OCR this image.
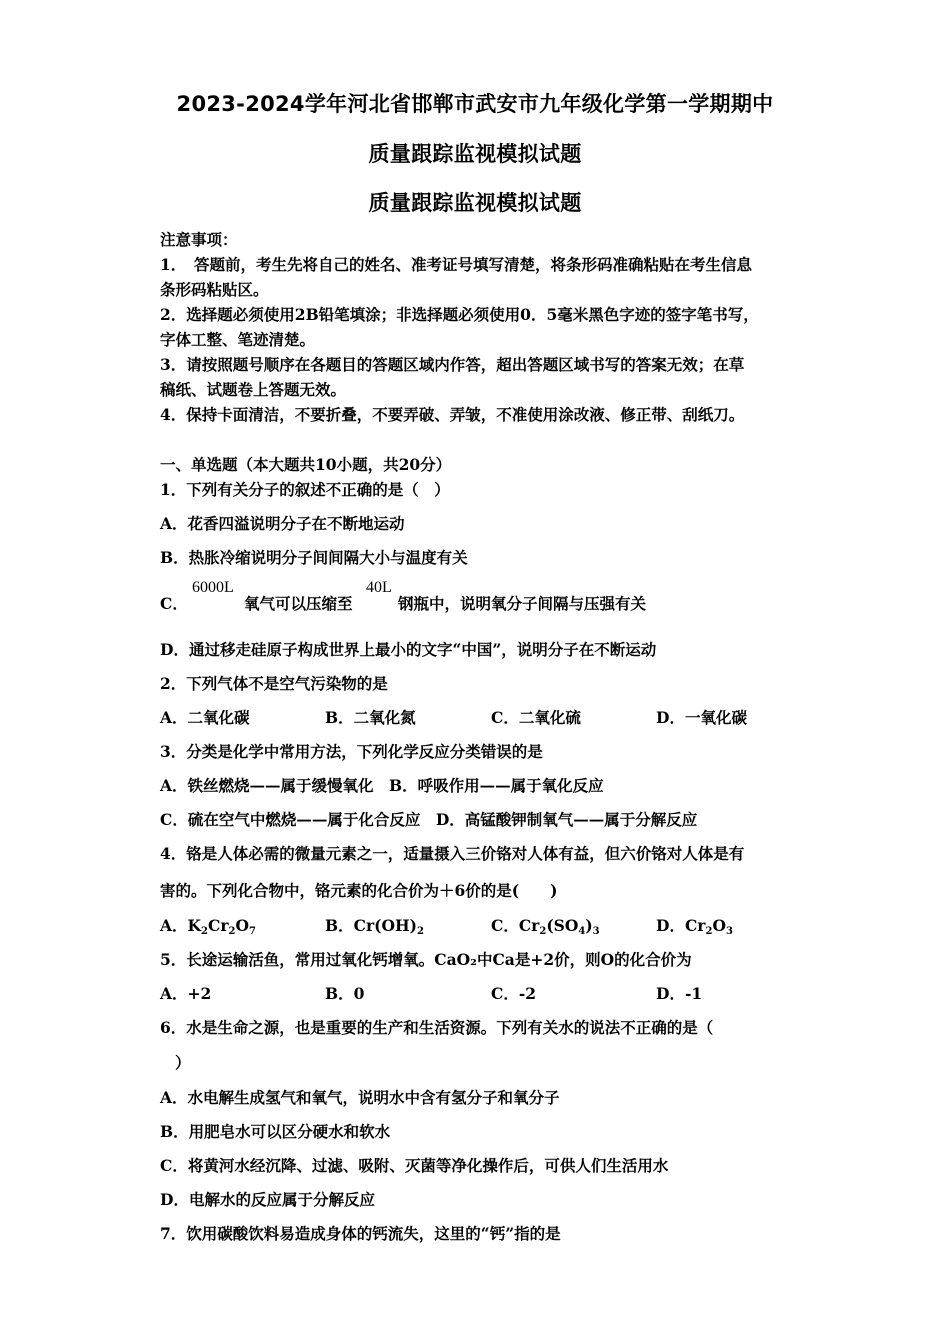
2023-2024学年河北省邯郸市武安市九年级化学第一学期期中
质量跟踪监视模拟试题
质量跟踪监视模拟试题
注意事项：
1．　答题前，考生先将自己的姓名、准考证号填写清楚，将条形码准确粘贴在考生信息
条形码粘贴区。
2．选择题必须使用2B铅笔填涂；非选择题必须使用0．5毫米黑色字迹的签字笔书写，
字体工整、笔迹清楚。
3．请按照题号顺序在各题目的答题区域内作答，超出答题区域书写的答案无效；在草
稿纸、试题卷上答题无效。
4．保持卡面清洁，不要折叠，不要弄破、弄皱，不准使用涂改液、修正带、刮纸刀。
一、单选题（本大题共10小题，共20分）
1．下列有关分子的叙述不正确的是（　）
A．花香四溢说明分子在不断地运动
B．热胀冷缩说明分子间间隔大小与温度有关
C．
6000L
氧气可以压缩至
40L
钢瓶中，说明氧分子间隔与压强有关
D．通过移走硅原子构成世界上最小的文字“中国”，说明分子在不断运动
2．下列气体不是空气污染物的是
A．二氧化碳	B．二氧化氮	C．二氧化硫	D．一氧化碳
3．分类是化学中常用方法，下列化学反应分类错误的是
A．铁丝燃烧——属于缓慢氧化　B．呼吸作用——属于氧化反应
C．硫在空气中燃烧——属于化合反应　D．高锰酸钾制氧气——属于分解反应
4．铬是人体必需的微量元素之一，适量摄入三价铬对人体有益，但六价铬对人体是有
害的。下列化合物中，铬元素的化合价为＋6价的是(　　)
A．K2Cr2O7	B．Cr(OH)2	C．Cr2(SO4)3	D．Cr2O3
5．长途运输活鱼，常用过氧化钙增氧。CaO₂中Ca是+2价，则O的化合价为
A．+2	B．0	C．-2	D．-1
6．水是生命之源，也是重要的生产和生活资源。下列有关水的说法不正确的是（
）
A．水电解生成氢气和氧气，说明水中含有氢分子和氧分子
B．用肥皂水可以区分硬水和软水
C．将黄河水经沉降、过滤、吸附、灭菌等净化操作后，可供人们生活用水
D．电解水的反应属于分解反应
7．饮用碳酸饮料易造成身体的钙流失，这里的“钙”指的是
